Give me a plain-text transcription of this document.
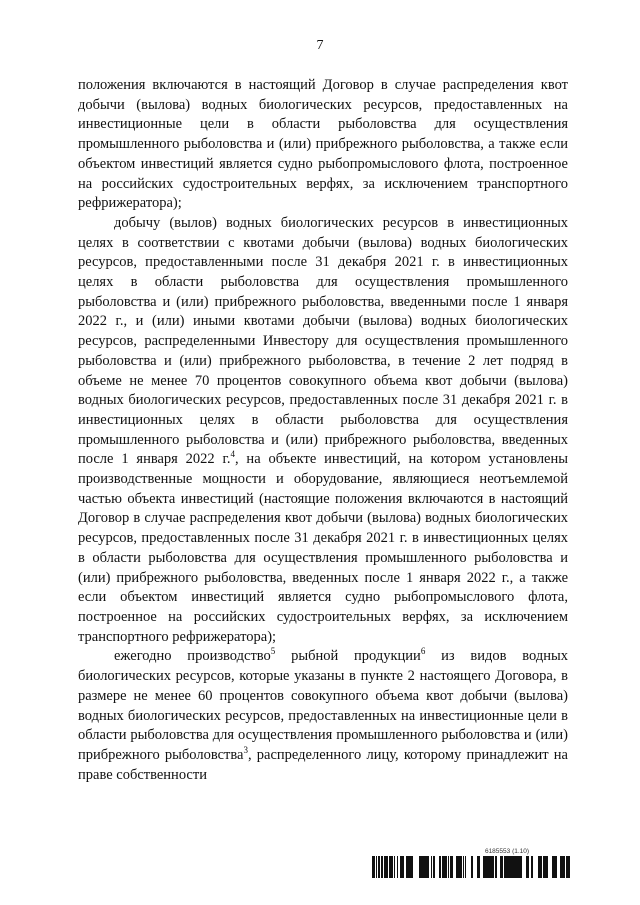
7

положения включаются в настоящий Договор в случае распределения квот добычи (вылова) водных биологических ресурсов, предоставленных на инвестиционные цели в области рыболовства для осуществления промышленного рыболовства и (или) прибрежного рыболовства, а также если объектом инвестиций является судно рыбопромыслового флота, построенное на российских судостроительных верфях, за исключением транспортного рефрижератора);

добычу (вылов) водных биологических ресурсов в инвестиционных целях в соответствии с квотами добычи (вылова) водных биологических ресурсов, предоставленными после 31 декабря 2021 г. в инвестиционных целях в области рыболовства для осуществления промышленного рыболовства и (или) прибрежного рыболовства, введенными после 1 января 2022 г., и (или) иными квотами добычи (вылова) водных биологических ресурсов, распределенными Инвестору для осуществления промышленного рыболовства и (или) прибрежного рыболовства, в течение 2 лет подряд в объеме не менее 70 процентов совокупного объема квот добычи (вылова) водных биологических ресурсов, предоставленных после 31 декабря 2021 г. в инвестиционных целях в области рыболовства для осуществления промышленного рыболовства и (или) прибрежного рыболовства, введенных после 1 января 2022 г.$^4$, на объекте инвестиций, на котором установлены производственные мощности и оборудование, являющиеся неотъемлемой частью объекта инвестиций (настоящие положения включаются в настоящий Договор в случае распределения квот добычи (вылова) водных биологических ресурсов, предоставленных после 31 декабря 2021 г. в инвестиционных целях в области рыболовства для осуществления промышленного рыболовства и (или) прибрежного рыболовства, введенных после 1 января 2022 г., а также если объектом инвестиций является судно рыбопромыслового флота, построенное на российских судостроительных верфях, за исключением транспортного рефрижератора);

ежегодно производство$^5$ рыбной продукции$^6$ из видов водных биологических ресурсов, которые указаны в пункте 2 настоящего Договора, в размере не менее 60 процентов совокупного объема квот добычи (вылова) водных биологических ресурсов, предоставленных на инвестиционные цели в области рыболовства для осуществления промышленного рыболовства и (или) прибрежного рыболовства$^3$, распределенного лицу, которому принадлежит на праве собственности

6185553 (1.10)
